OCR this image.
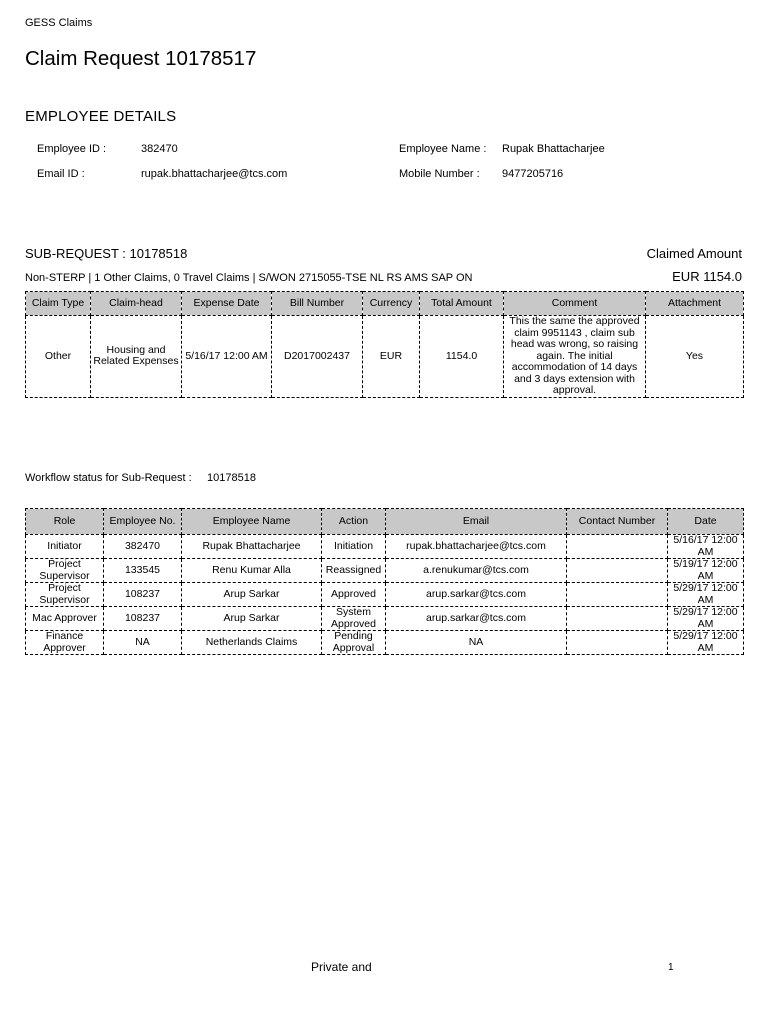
GESS Claims
Claim Request 10178517
EMPLOYEE DETAILS
Employee ID :	382470	Employee Name : Rupak Bhattacharjee
Email ID :	rupak.bhattacharjee@tcs.com	Mobile Number : 9477205716
SUB-REQUEST : 10178518	Claimed Amount
Non-STERP | 1 Other Claims, 0 Travel Claims | S/WON 2715055-TSE NL RS AMS SAP ON	EUR 1154.0
Claim Type	Claim-head	Expense Date	Bill Number	Currency	Total Amount	Comment	Attachment
Other	Housing and Related Expenses	5/16/17 12:00 AM	D2017002437	EUR	1154.0	This the same the approved claim 9951143 , claim sub head was wrong, so raising again. The initial accommodation of 14 days and 3 days extension with approval.	Yes
Workflow status for Sub-Request : 10178518
Role	Employee No.	Employee Name	Action	Email	Contact Number	Date
Initiator	382470	Rupak Bhattacharjee	Initiation	rupak.bhattacharjee@tcs.com		5/16/17 12:00 AM
Project Supervisor	133545	Renu Kumar Alla	Reassigned	a.renukumar@tcs.com		5/19/17 12:00 AM
Project Supervisor	108237	Arup Sarkar	Approved	arup.sarkar@tcs.com		5/29/17 12:00 AM
Mac Approver	108237	Arup Sarkar	System Approved	arup.sarkar@tcs.com		5/29/17 12:00 AM
Finance Approver	NA	Netherlands Claims	Pending Approval	NA		5/29/17 12:00 AM
Private and	1
